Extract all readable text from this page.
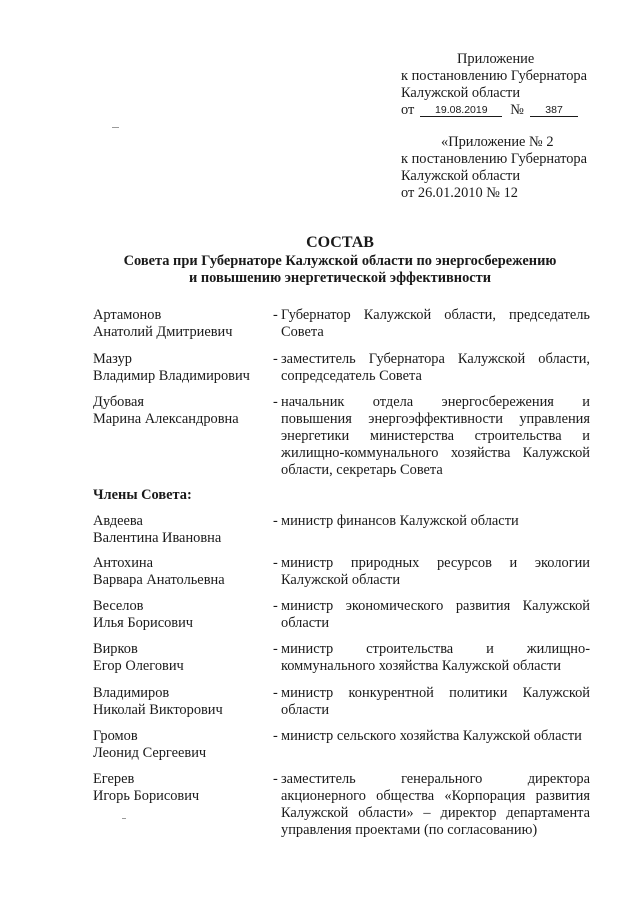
Приложение
к постановлению Губернатора
Калужской области
от	19.08.2019	№	387
«Приложение № 2
к постановлению Губернатора
Калужской области
от 26.01.2010 № 12
СОСТАВ
Совета при Губернаторе Калужской области по энергосбережению
и повышению энергетической эффективности
Артамонов
Анатолий Дмитриевич
- Губернатор Калужской области, председатель Совета
Мазур
Владимир Владимирович
- заместитель Губернатора Калужской области, сопредседатель Совета
Дубовая
Марина Александровна
- начальник отдела энергосбережения и повышения энергоэффективности управления энергетики министерства строительства и жилищно-коммунального хозяйства Калужской области, секретарь Совета
Члены Совета:
Авдеева
Валентина Ивановна
- министр финансов Калужской области
Антохина
Варвара Анатольевна
- министр природных ресурсов и экологии Калужской области
Веселов
Илья Борисович
- министр экономического развития Калужской области
Вирков
Егор Олегович
- министр строительства и жилищно-коммунального хозяйства Калужской области
Владимиров
Николай Викторович
- министр конкурентной политики Калужской области
Громов
Леонид Сергеевич
- министр сельского хозяйства Калужской области
Егерев
Игорь Борисович
- заместитель генерального директора акционерного общества «Корпорация развития Калужской области» – директор департамента управления проектами (по согласованию)
